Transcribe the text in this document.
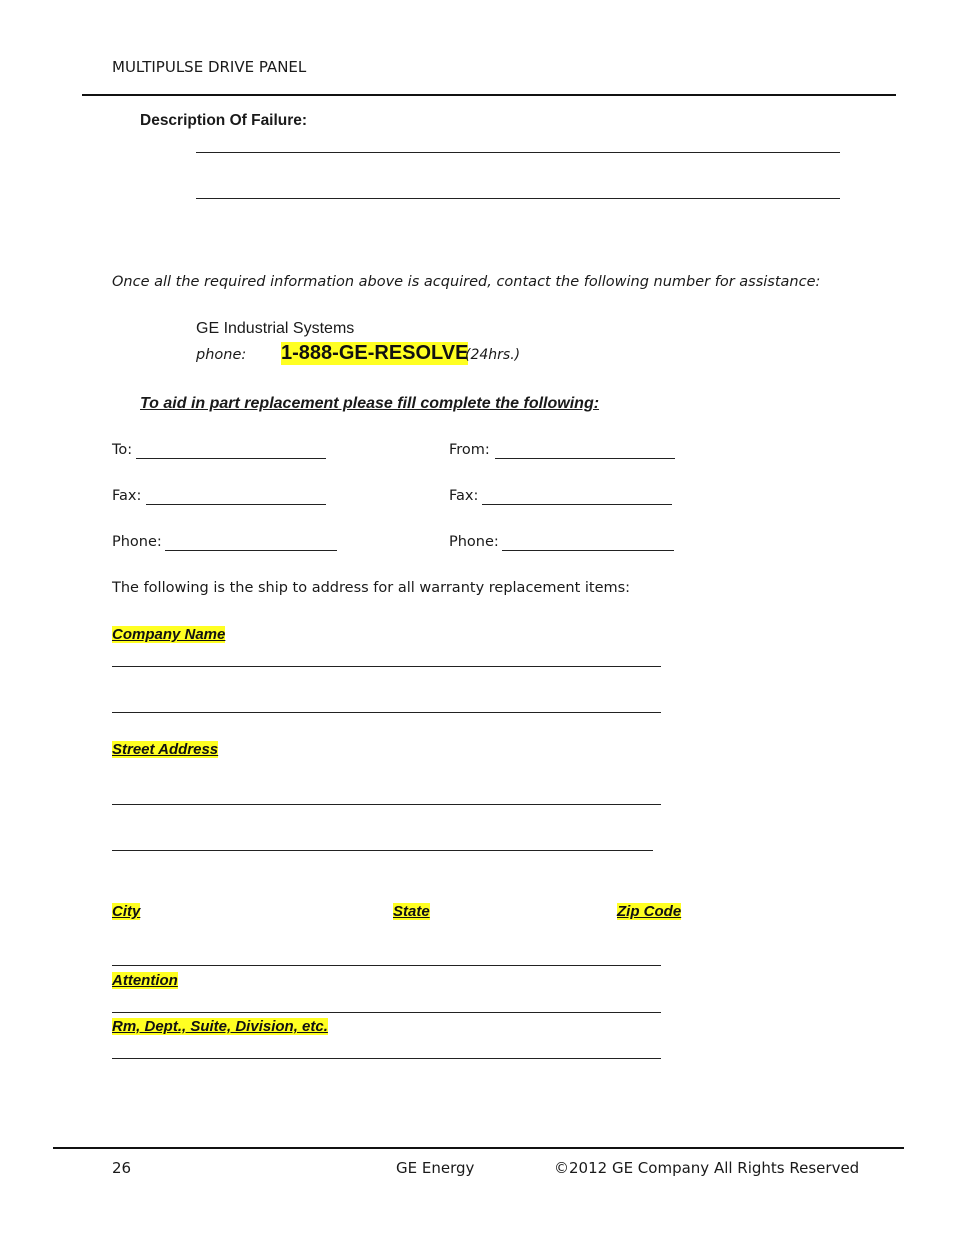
MULTIPULSE DRIVE PANEL
Description Of Failure:
Once all the required information above is acquired, contact the following number for assistance:
GE Industrial Systems
phone: 1-888-GE-RESOLVE
(24hrs.)
To aid in part replacement please fill complete the following:
To:	From:
Fax:	Fax:
Phone:	Phone:
The following is the ship to address for all warranty replacement items:
Company Name
Street Address
City	State	Zip Code
Attention
Rm, Dept., Suite, Division, etc.
26	GE Energy	©2012 GE Company All Rights Reserved
